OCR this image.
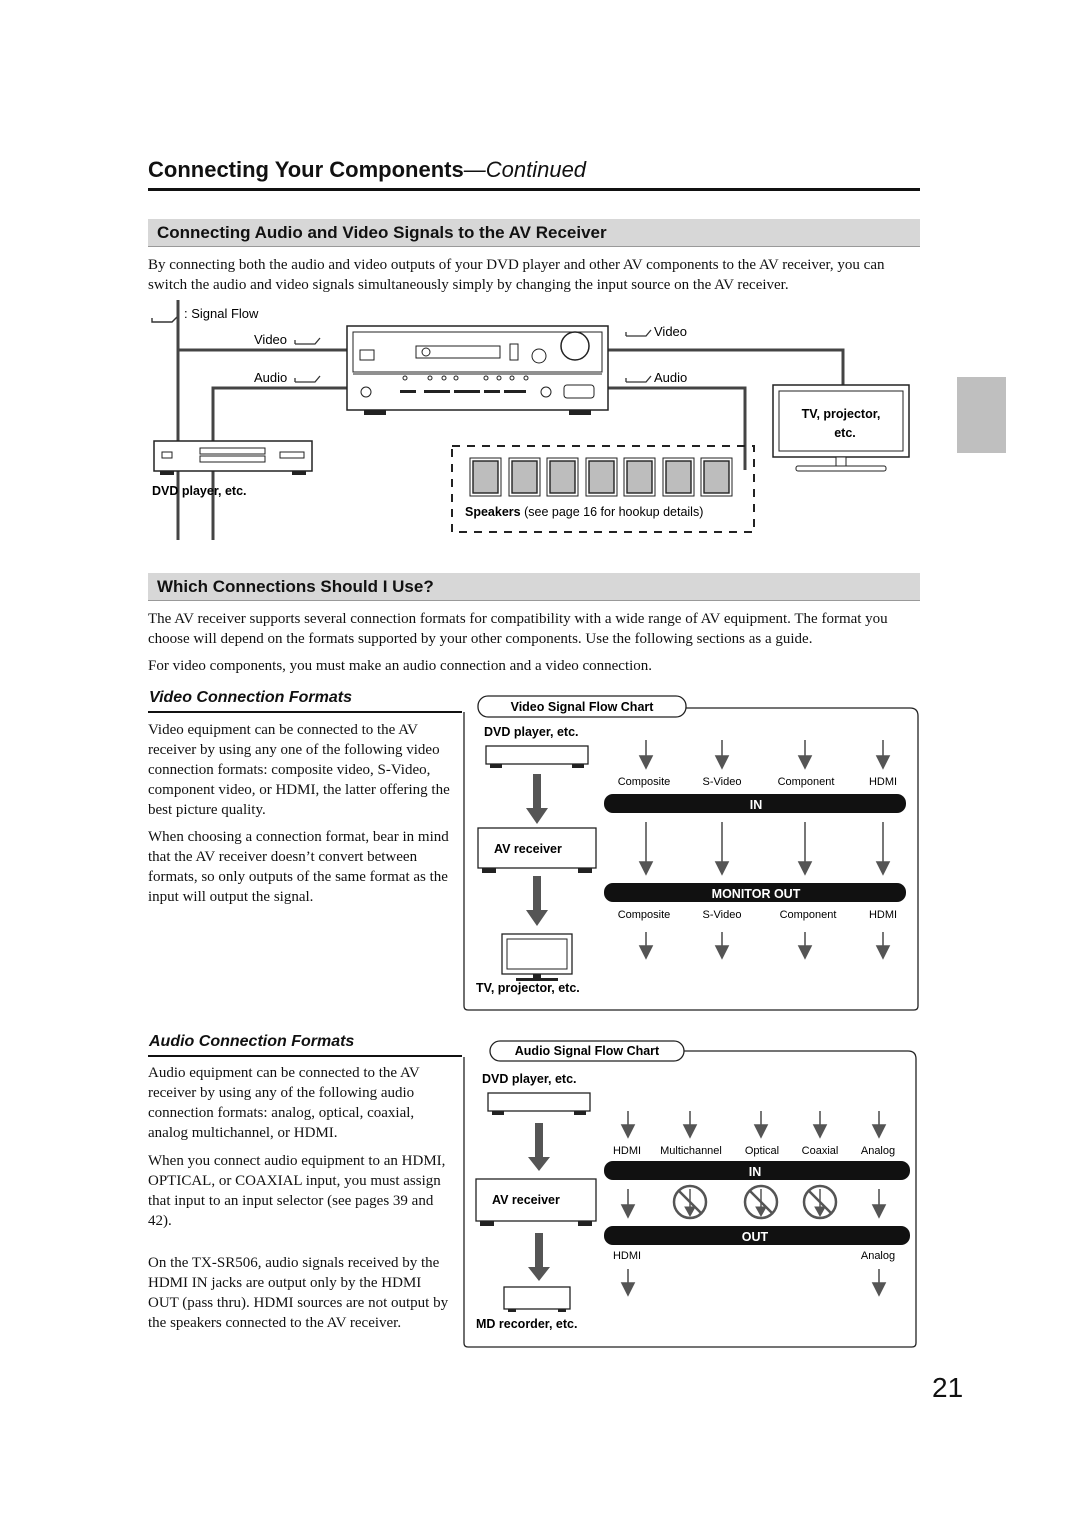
Connecting Your Components—Continued
Connecting Audio and Video Signals to the AV Receiver
By connecting both the audio and video outputs of your DVD player and other AV components to the AV receiver, you can switch the audio and video signals simultaneously simply by changing the input source on the AV receiver.
: Signal Flow
Video
Audio
Video
Audio
DVD player, etc.
TV, projector,
etc.
Speakers (see page 16 for hookup details)
Which Connections Should I Use?
The AV receiver supports several connection formats for compatibility with a wide range of AV equipment. The format you choose will depend on the formats supported by your other components. Use the following sections as a guide.
For video components, you must make an audio connection and a video connection.
Video Connection Formats
Video equipment can be connected to the AV receiver by using any one of the following video connection formats: composite video, S-Video, component video, or HDMI, the latter offering the best picture quality.
When choosing a connection format, bear in mind that the AV receiver doesn’t convert between formats, so only outputs of the same format as the input will output the signal.
Video Signal Flow Chart
DVD player, etc.
AV receiver
TV, projector, etc.
Composite	S-Video	Component	HDMI
IN
MONITOR OUT
Composite	S-Video	Component	HDMI
Audio Connection Formats
Audio equipment can be connected to the AV receiver by using any of the following audio connection formats: analog, optical, coaxial, analog multichannel, or HDMI.
When you connect audio equipment to an HDMI, OPTICAL, or COAXIAL input, you must assign that input to an input selector (see pages 39 and 42).
On the TX-SR506, audio signals received by the HDMI IN jacks are output only by the HDMI OUT (pass thru). HDMI sources are not output by the speakers connected to the AV receiver.
Audio Signal Flow Chart
DVD player, etc.
AV receiver
MD recorder, etc.
HDMI Multichannel Optical Coaxial Analog
IN
OUT
HDMI	Analog
21
